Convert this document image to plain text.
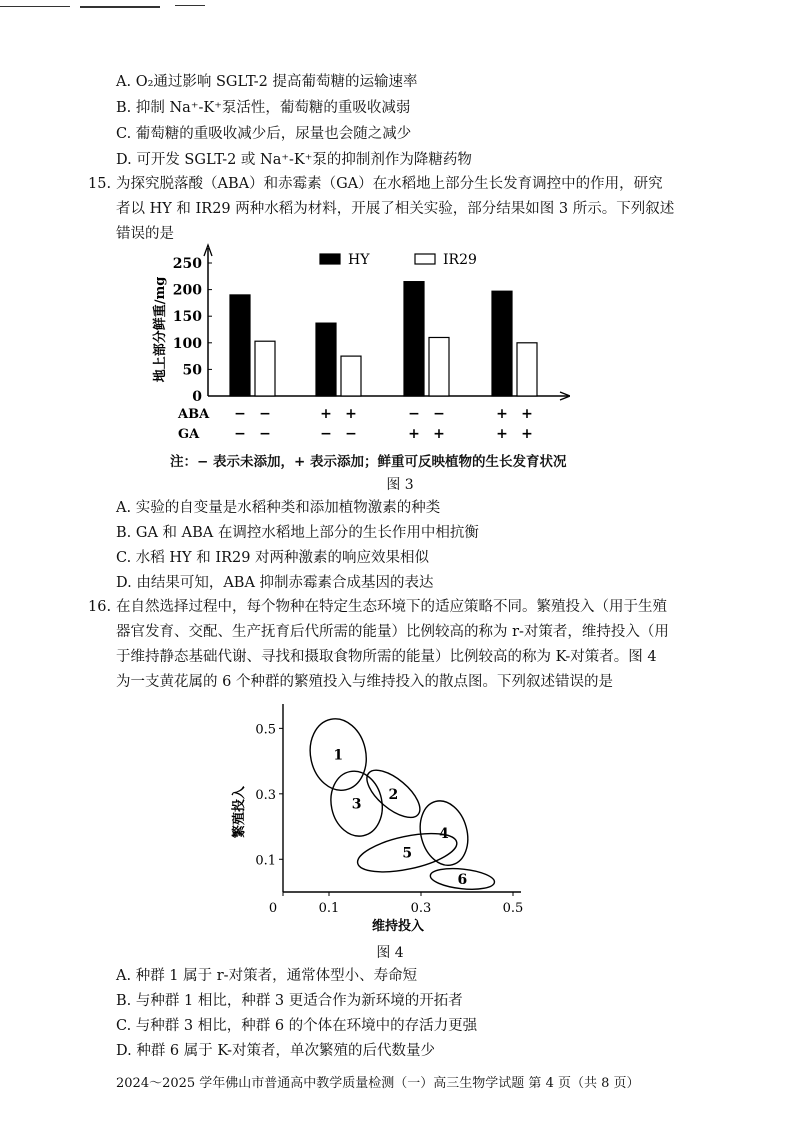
A. O₂通过影响 SGLT-2 提高葡萄糖的运输速率
B. 抑制 Na⁺-K⁺泵活性，葡萄糖的重吸收减弱
C. 葡萄糖的重吸收减少后，尿量也会随之减少
D. 可开发 SGLT-2 或 Na⁺-K⁺泵的抑制剂作为降糖药物
15. 为探究脱落酸（ABA）和赤霉素（GA）在水稻地上部分生长发育调控中的作用，研究
者以 HY 和 IR29 两种水稻为材料，开展了相关实验，部分结果如图 3 所示。下列叙述
错误的是
0
50
100
150
200
250
地上部分鲜重/mg
HY	IR29
ABA − −	+ +	− −	+ +
GA − −	− −	+ +	+ +
注：− 表示未添加，+ 表示添加；鲜重可反映植物的生长发育状况
图 3
A. 实验的自变量是水稻种类和添加植物激素的种类
B. GA 和 ABA 在调控水稻地上部分的生长作用中相抗衡
C. 水稻 HY 和 IR29 对两种激素的响应效果相似
D. 由结果可知，ABA 抑制赤霉素合成基因的表达
16. 在自然选择过程中，每个物种在特定生态环境下的适应策略不同。繁殖投入（用于生殖
器官发育、交配、生产抚育后代所需的能量）比例较高的称为 r-对策者，维持投入（用
于维持静态基础代谢、寻找和摄取食物所需的能量）比例较高的称为 K-对策者。图 4
为一支黄花属的 6 个种群的繁殖投入与维持投入的散点图。下列叙述错误的是
0.1
0.3
0.5
0	0.1	0.3	0.5
繁殖投入
维持投入
1
2
3
4
5
6
图 4
A. 种群 1 属于 r-对策者，通常体型小、寿命短
B. 与种群 1 相比，种群 3 更适合作为新环境的开拓者
C. 与种群 3 相比，种群 6 的个体在环境中的存活力更强
D. 种群 6 属于 K-对策者，单次繁殖的后代数量少
2024～2025 学年佛山市普通高中教学质量检测（一）高三生物学试题 第 4 页（共 8 页）
